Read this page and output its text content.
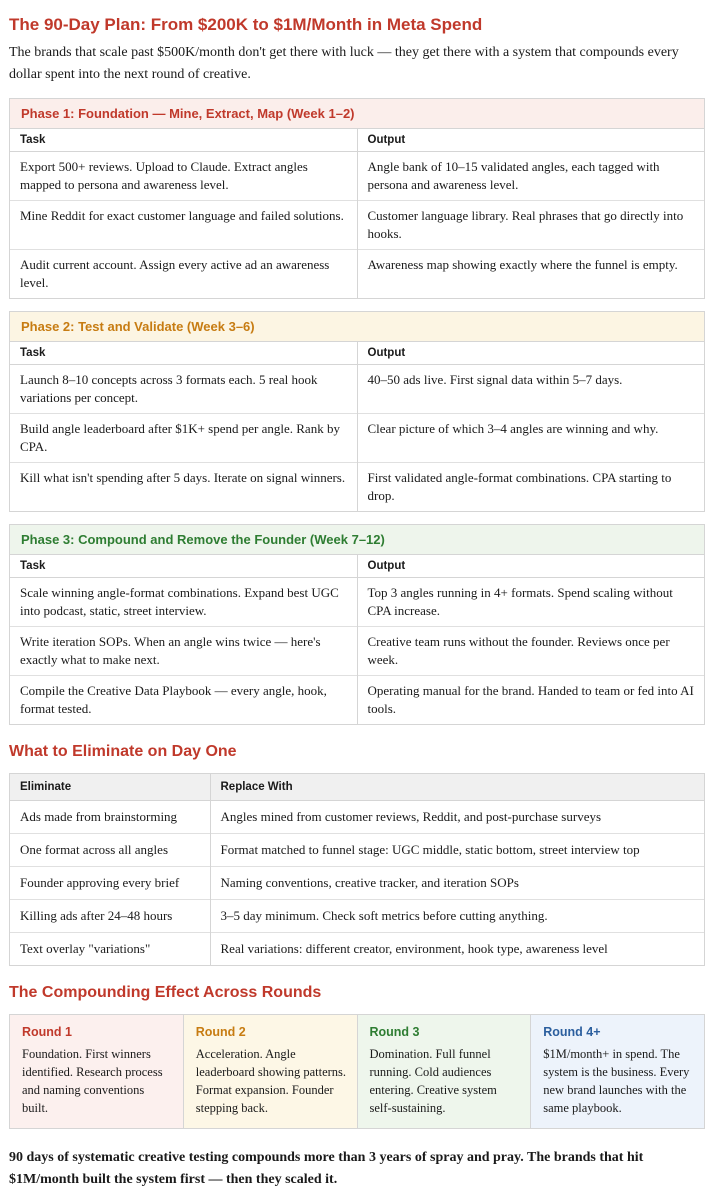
The 90-Day Plan: From $200K to $1M/Month in Meta Spend

The brands that scale past $500K/month don't get there with luck — they get there with a system that compounds every dollar spent into the next round of creative.

Phase 1: Foundation — Mine, Extract, Map (Week 1–2)
Task	Output
Export 500+ reviews. Upload to Claude. Extract angles mapped to persona and awareness level.	Angle bank of 10–15 validated angles, each tagged with persona and awareness level.
Mine Reddit for exact customer language and failed solutions.	Customer language library. Real phrases that go directly into hooks.
Audit current account. Assign every active ad an awareness level.	Awareness map showing exactly where the funnel is empty.
Phase 2: Test and Validate (Week 3–6)
Task	Output
Launch 8–10 concepts across 3 formats each. 5 real hook variations per concept.	40–50 ads live. First signal data within 5–7 days.
Build angle leaderboard after $1K+ spend per angle. Rank by CPA.	Clear picture of which 3–4 angles are winning and why.
Kill what isn't spending after 5 days. Iterate on signal winners.	First validated angle-format combinations. CPA starting to drop.
Phase 3: Compound and Remove the Founder (Week 7–12)
Task	Output
Scale winning angle-format combinations. Expand best UGC into podcast, static, street interview.	Top 3 angles running in 4+ formats. Spend scaling without CPA increase.
Write iteration SOPs. When an angle wins twice — here's exactly what to make next.	Creative team runs without the founder. Reviews once per week.
Compile the Creative Data Playbook — every angle, hook, format tested.	Operating manual for the brand. Handed to team or fed into AI tools.
What to Eliminate on Day One
Eliminate	Replace With
Ads made from brainstorming	Angles mined from customer reviews, Reddit, and post-purchase surveys
One format across all angles	Format matched to funnel stage: UGC middle, static bottom, street interview top
Founder approving every brief	Naming conventions, creative tracker, and iteration SOPs
Killing ads after 24–48 hours	3–5 day minimum. Check soft metrics before cutting anything.
Text overlay "variations"	Real variations: different creator, environment, hook type, awareness level
The Compounding Effect Across Rounds
Round 1
Foundation. First winners identified. Research process and naming conventions built.
Round 2
Acceleration. Angle leaderboard showing patterns. Format expansion. Founder stepping back.
Round 3
Domination. Full funnel running. Cold audiences entering. Creative system self-sustaining.
Round 4+
$1M/month+ in spend. The system is the business. Every new brand launches with the same playbook.

90 days of systematic creative testing compounds more than 3 years of spray and pray. The brands that hit $1M/month built the system first — then they scaled it.
